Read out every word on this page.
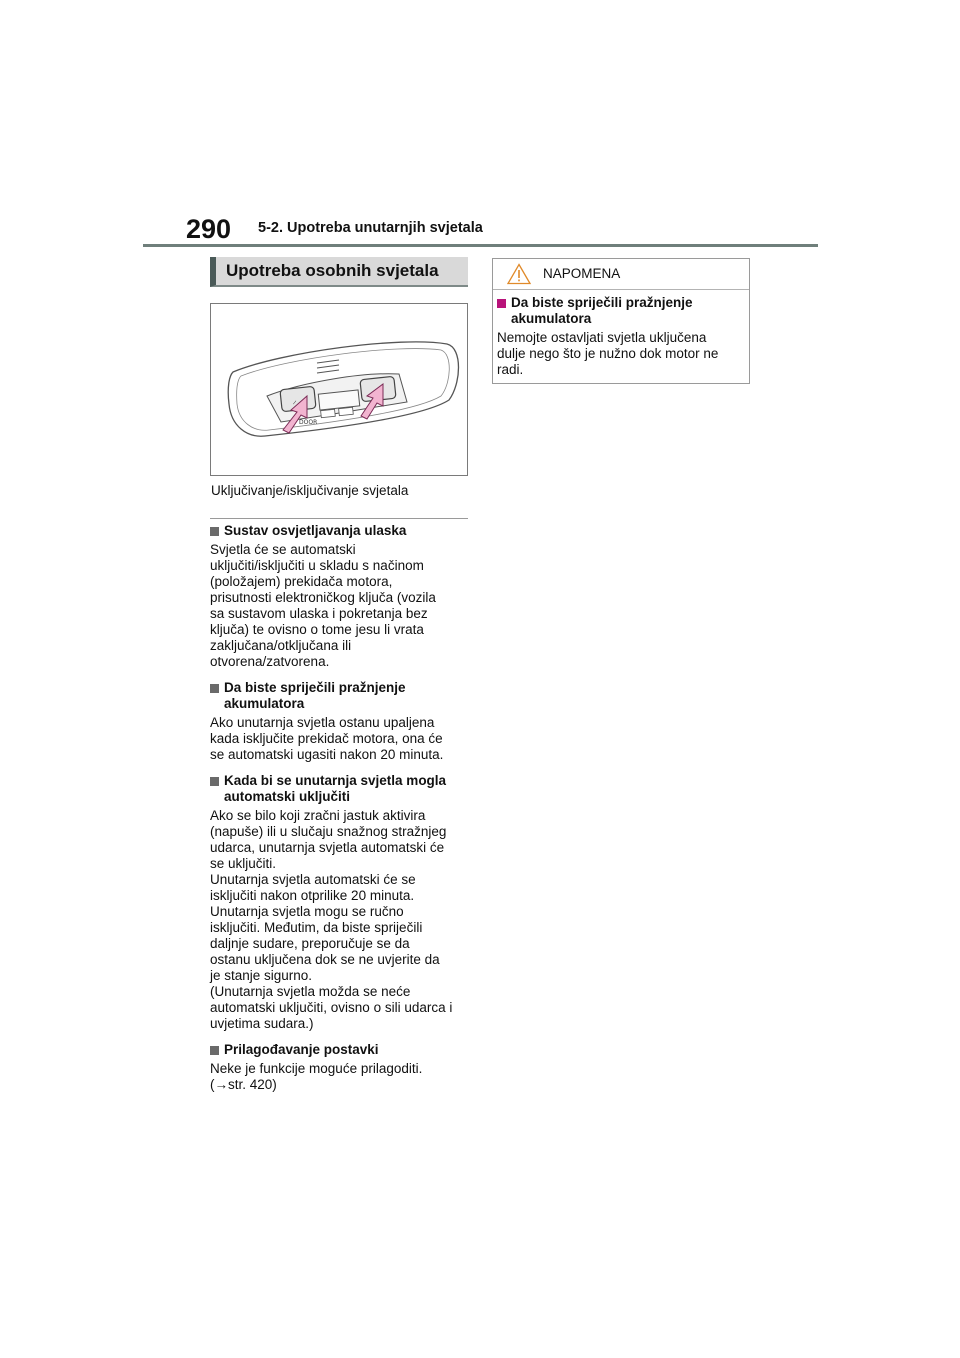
290 5-2. Upotreba unutarnjih svjetala
Upotreba osobnih svjetala
⸝
DOOR
Uključivanje/isključivanje svjetala
Sustav osvjetljavanja ulaska
Svjetla će se automatski
uključiti/isključiti u skladu s načinom
(položajem) prekidača motora,
prisutnosti elektroničkog ključa (vozila
sa sustavom ulaska i pokretanja bez
ključa) te ovisno o tome jesu li vrata
zaključana/otključana ili
otvorena/zatvorena.
Da biste spriječili pražnjenje
akumulatora
Ako unutarnja svjetla ostanu upaljena
kada isključite prekidač motora, ona će
se automatski ugasiti nakon 20 minuta.
Kada bi se unutarnja svjetla mogla
automatski uključiti
Ako se bilo koji zračni jastuk aktivira
(napuše) ili u slučaju snažnog stražnjeg
udarca, unutarnja svjetla automatski će
se uključiti.
Unutarnja svjetla automatski će se
isključiti nakon otprilike 20 minuta.
Unutarnja svjetla mogu se ručno
isključiti. Međutim, da biste spriječili
daljnje sudare, preporučuje se da
ostanu uključena dok se ne uvjerite da
je stanje sigurno.
(Unutarnja svjetla možda se neće
automatski uključiti, ovisno o sili udarca i
uvjetima sudara.)
Prilagođavanje postavki
Neke je funkcije moguće prilagoditi.
(→str. 420)
NAPOMENA
Da biste spriječili pražnjenje
akumulatora
Nemojte ostavljati svjetla uključena
dulje nego što je nužno dok motor ne
radi.
